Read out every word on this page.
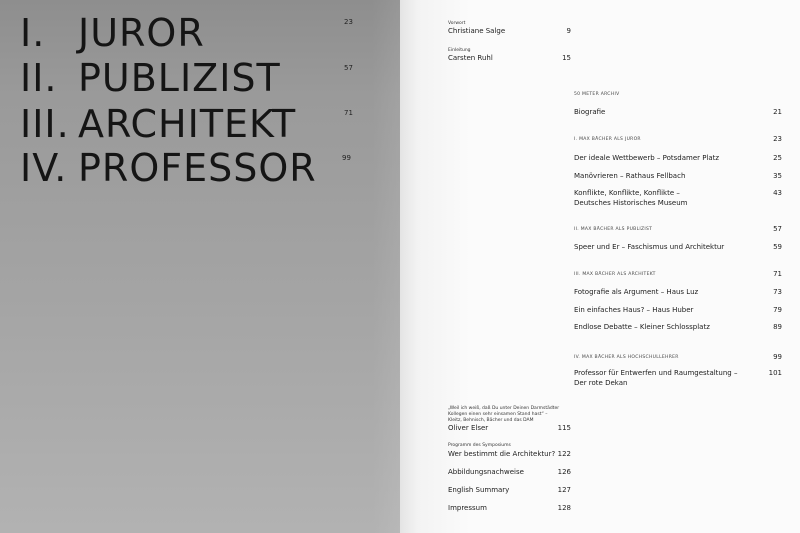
I. JUROR	23
II. PUBLIZIST	57
III. ARCHITEKT	71
IV. PROFESSOR	99
Vorwort
Christiane Salge	9
Einleitung
Carsten Ruhl	15
50 METER ARCHIV
Biografie	21
I. MAX BÄCHER ALS JUROR	23
Der ideale Wettbewerb – Potsdamer Platz	25
Manövrieren – Rathaus Fellbach	35
Konflikte, Konflikte, Konflikte –
Deutsches Historisches Museum
43
II. MAX BÄCHER ALS PUBLIZIST	57
Speer und Er – Faschismus und Architektur	59
III. MAX BÄCHER ALS ARCHITEKT	71
Fotografie als Argument – Haus Luz	73
Ein einfaches Haus? – Haus Huber	79
Endlose Debatte – Kleiner Schlossplatz	89
IV. MAX BÄCHER ALS HOCHSCHULLEHRER	99
Professor für Entwerfen und Raumgestaltung –
Der rote Dekan
101
„Weil ich weiß, daß Du unter Deinen Darmstädter
Kollegen einen sehr einsamen Stand hast“ –
Kleitz, Behnisch, Bächer und das DAM
Oliver Elser	115
Programm des Symposiums
Wer bestimmt die Architektur? 122
Abbildungsnachweise	126
English Summary	127
Impressum	128
